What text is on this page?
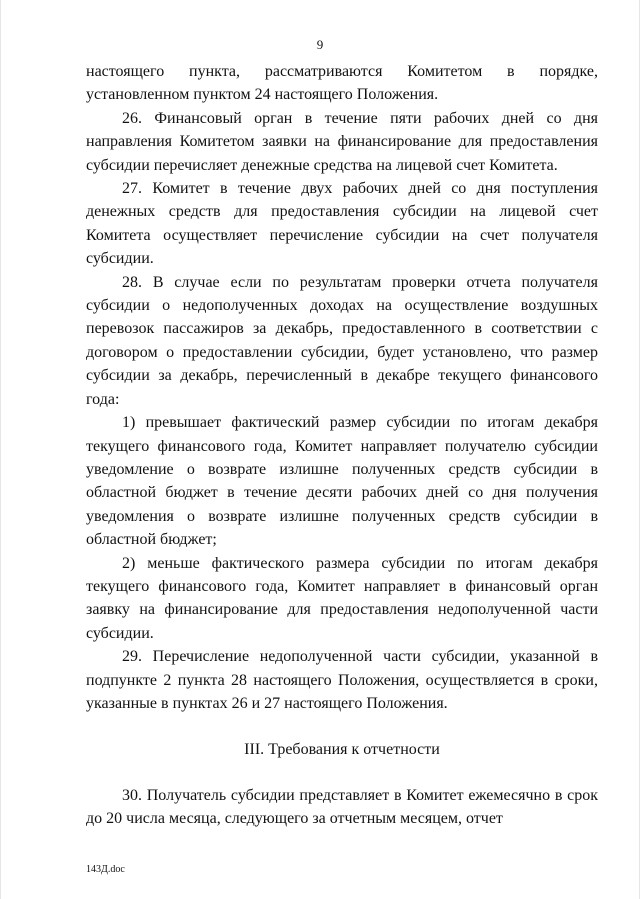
9

настоящего пункта, рассматриваются Комитетом в порядке, установленном пунктом 24 настоящего Положения.

26. Финансовый орган в течение пяти рабочих дней со дня направления Комитетом заявки на финансирование для предоставления субсидии перечисляет денежные средства на лицевой счет Комитета.

27. Комитет в течение двух рабочих дней со дня поступления денежных средств для предоставления субсидии на лицевой счет Комитета осуществляет перечисление субсидии на счет получателя субсидии.

28. В случае если по результатам проверки отчета получателя субсидии о недополученных доходах на осуществление воздушных перевозок пассажиров за декабрь, предоставленного в соответствии с договором о предоставлении субсидии, будет установлено, что размер субсидии за декабрь, перечисленный в декабре текущего финансового года:

1) превышает фактический размер субсидии по итогам декабря текущего финансового года, Комитет направляет получателю субсидии уведомление о возврате излишне полученных средств субсидии в областной бюджет в течение десяти рабочих дней со дня получения уведомления о возврате излишне полученных средств субсидии в областной бюджет;

2) меньше фактического размера субсидии по итогам декабря текущего финансового года, Комитет направляет в финансовый орган заявку на финансирование для предоставления недополученной части субсидии.

29. Перечисление недополученной части субсидии, указанной в подпункте 2 пункта 28 настоящего Положения, осуществляется в сроки, указанные в пунктах 26 и 27 настоящего Положения.

III. Требования к отчетности

30. Получатель субсидии представляет в Комитет ежемесячно в срок до 20 числа месяца, следующего за отчетным месяцем, отчет

143Д.doc
